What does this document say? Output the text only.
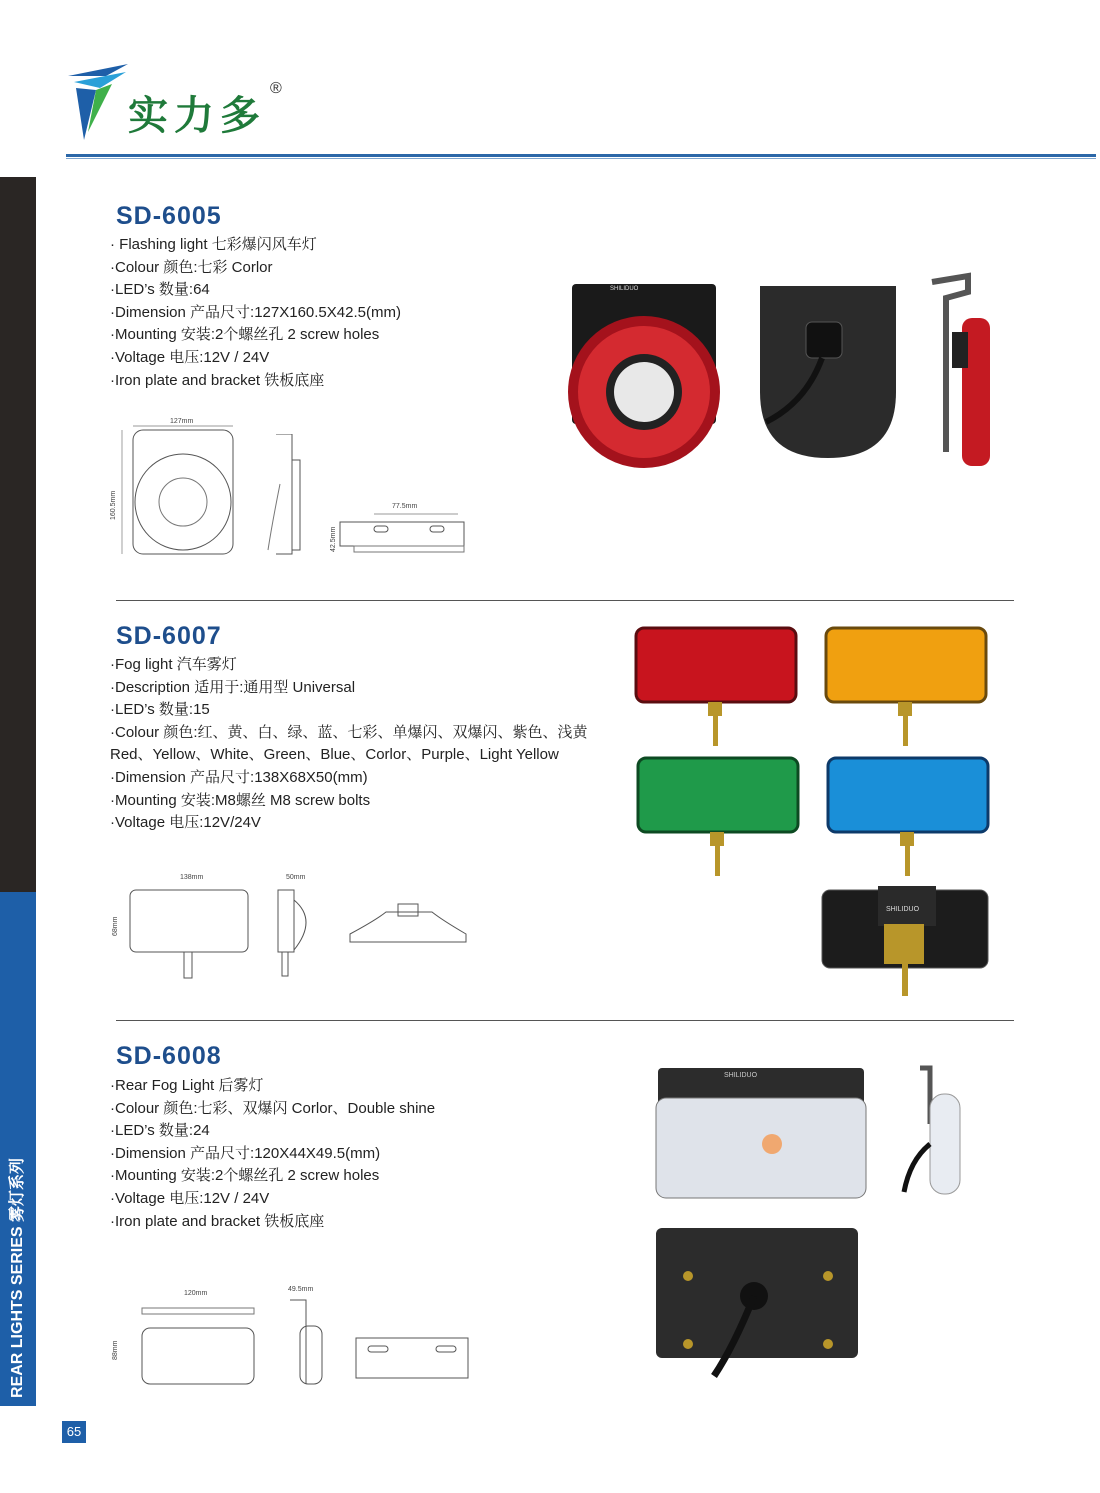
实力多
®
65
SD-6005
· Flashing light 七彩爆闪风车灯
·Colour 颜色:七彩 Corlor
·LED’s 数量:64
·Dimension 产品尺寸:127X160.5X42.5(mm)
·Mounting 安装:2个螺丝孔 2 screw holes
·Voltage 电压:12V / 24V
·Iron plate and bracket 铁板底座
127mm
160.5mm	77.5mm
42.5mm
SHILIDUO
SD-6007
·Fog light 汽车雾灯
·Description 适用于:通用型 Universal
·LED’s 数量:15
·Colour 颜色:红、黄、白、绿、蓝、七彩、单爆闪、双爆闪、紫色、浅黄
Red、Yellow、White、Green、Blue、Corlor、Purple、Light Yellow
·Dimension 产品尺寸:138X68X50(mm)
·Mounting 安装:M8螺丝 M8 screw bolts
·Voltage 电压:12V/24V
138mm
68mm
50mm
SHILIDUO
SD-6008
·Rear Fog Light 后雾灯
·Colour 颜色:七彩、双爆闪 Corlor、Double shine
·LED’s 数量:24
·Dimension 产品尺寸:120X44X49.5(mm)
·Mounting 安装:2个螺丝孔 2 screw holes
·Voltage 电压:12V / 24V
·Iron plate and bracket 铁板底座
120mm
88mm
49.5mm
SHILIDUO
